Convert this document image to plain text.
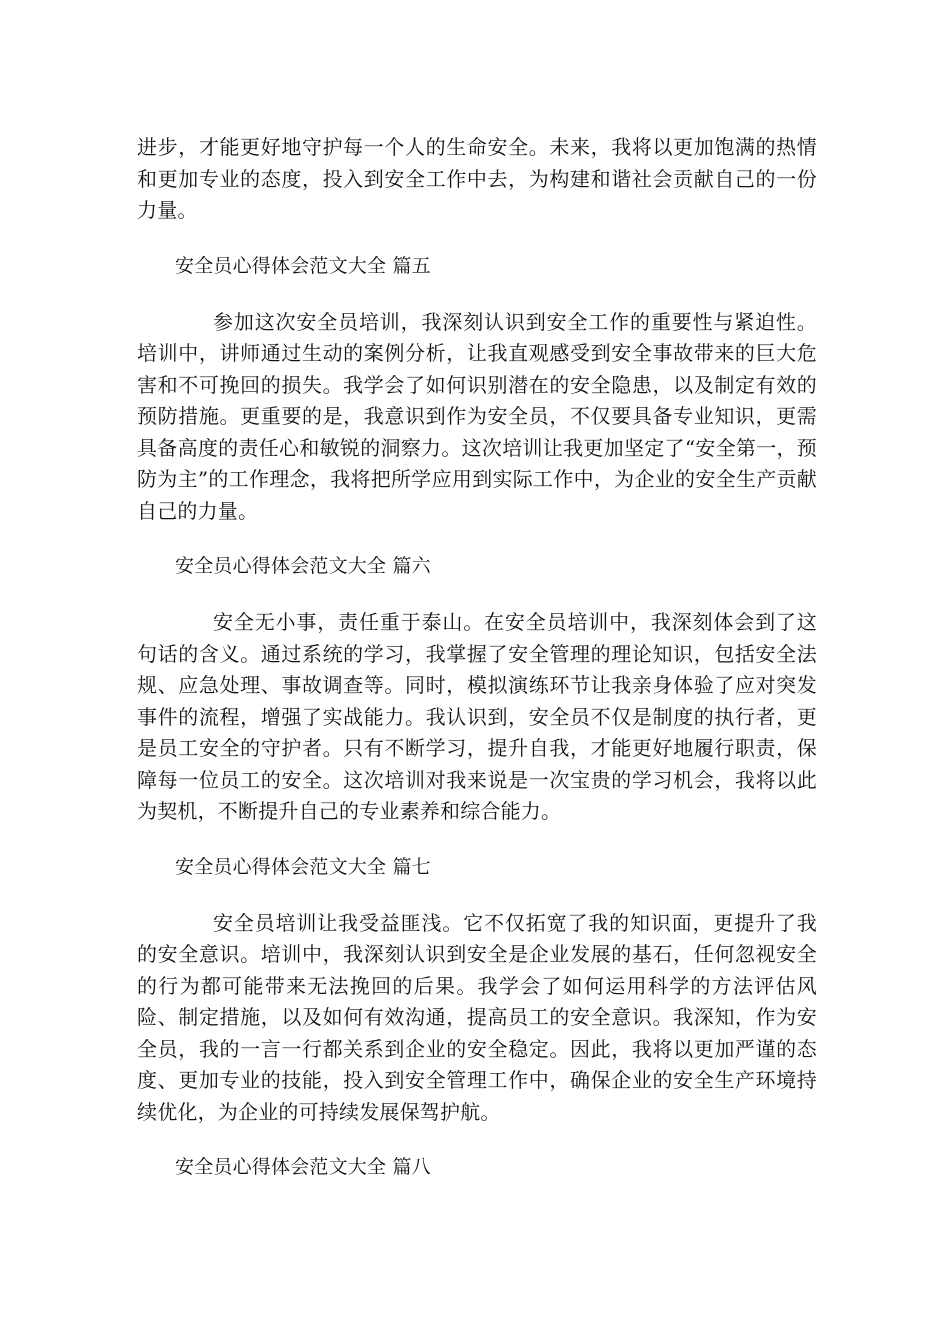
进步，才能更好地守护每一个人的生命安全。未来，我将以更加饱满的热情和更加专业的态度，投入到安全工作中去，为构建和谐社会贡献自己的一份力量。

安全员心得体会范文大全 篇五

参加这次安全员培训，我深刻认识到安全工作的重要性与紧迫性。培训中，讲师通过生动的案例分析，让我直观感受到安全事故带来的巨大危害和不可挽回的损失。我学会了如何识别潜在的安全隐患，以及制定有效的预防措施。更重要的是，我意识到作为安全员，不仅要具备专业知识，更需具备高度的责任心和敏锐的洞察力。这次培训让我更加坚定了“安全第一，预防为主”的工作理念，我将把所学应用到实际工作中，为企业的安全生产贡献自己的力量。

安全员心得体会范文大全 篇六

安全无小事，责任重于泰山。在安全员培训中，我深刻体会到了这句话的含义。通过系统的学习，我掌握了安全管理的理论知识，包括安全法规、应急处理、事故调查等。同时，模拟演练环节让我亲身体验了应对突发事件的流程，增强了实战能力。我认识到，安全员不仅是制度的执行者，更是员工安全的守护者。只有不断学习，提升自我，才能更好地履行职责，保障每一位员工的安全。这次培训对我来说是一次宝贵的学习机会，我将以此为契机，不断提升自己的专业素养和综合能力。

安全员心得体会范文大全 篇七

安全员培训让我受益匪浅。它不仅拓宽了我的知识面，更提升了我的安全意识。培训中，我深刻认识到安全是企业发展的基石，任何忽视安全的行为都可能带来无法挽回的后果。我学会了如何运用科学的方法评估风险、制定措施，以及如何有效沟通，提高员工的安全意识。我深知，作为安全员，我的一言一行都关系到企业的安全稳定。因此，我将以更加严谨的态度、更加专业的技能，投入到安全管理工作中，确保企业的安全生产环境持续优化，为企业的可持续发展保驾护航。

安全员心得体会范文大全 篇八
